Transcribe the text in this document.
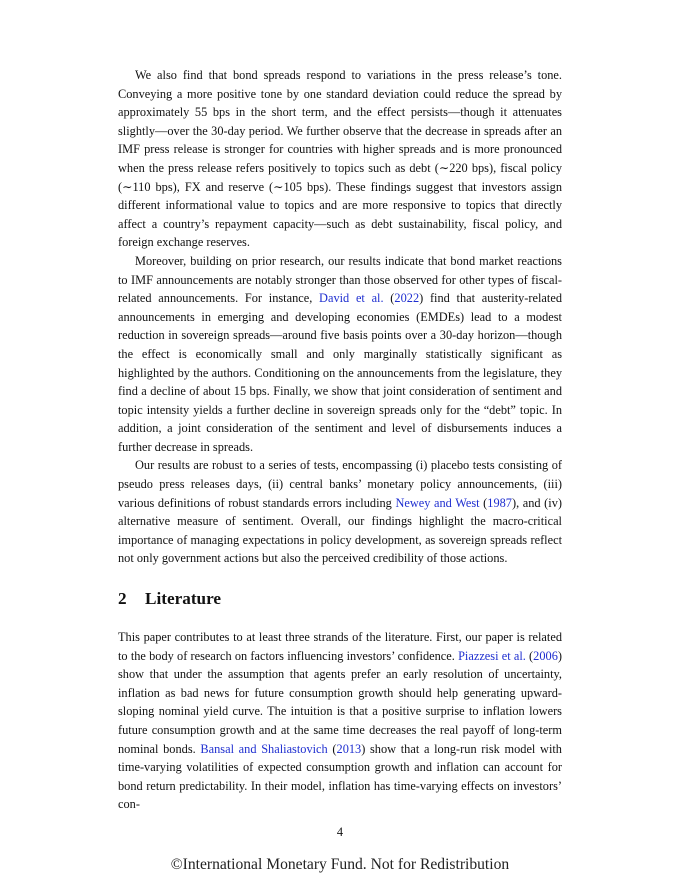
We also find that bond spreads respond to variations in the press release’s tone. Conveying a more positive tone by one standard deviation could reduce the spread by approximately 55 bps in the short term, and the effect persists—though it attenuates slightly—over the 30-day period. We further observe that the decrease in spreads after an IMF press release is stronger for countries with higher spreads and is more pronounced when the press release refers positively to topics such as debt (∼220 bps), fiscal policy (∼110 bps), FX and reserve (∼105 bps). These findings suggest that investors assign different informational value to topics and are more responsive to topics that directly affect a country’s repayment capacity—such as debt sustainability, fiscal policy, and foreign exchange reserves.

Moreover, building on prior research, our results indicate that bond market reactions to IMF announcements are notably stronger than those observed for other types of fiscal-related announcements. For instance, David et al. (2022) find that austerity-related announcements in emerging and developing economies (EMDEs) lead to a modest reduction in sovereign spreads—around five basis points over a 30-day horizon—though the effect is economically small and only marginally statistically significant as highlighted by the authors. Conditioning on the announcements from the legislature, they find a decline of about 15 bps. Finally, we show that joint consideration of sentiment and topic intensity yields a further decline in sovereign spreads only for the “debt” topic. In addition, a joint consideration of the sentiment and level of disbursements induces a further decrease in spreads.

Our results are robust to a series of tests, encompassing (i) placebo tests consisting of pseudo press releases days, (ii) central banks’ monetary policy announcements, (iii) various definitions of robust standards errors including Newey and West (1987), and (iv) alternative measure of sentiment. Overall, our findings highlight the macro-critical importance of managing expectations in policy development, as sovereign spreads reflect not only government actions but also the perceived credibility of those actions.

2 Literature

This paper contributes to at least three strands of the literature. First, our paper is related to the body of research on factors influencing investors’ confidence. Piazzesi et al. (2006) show that under the assumption that agents prefer an early resolution of uncertainty, inflation as bad news for future consumption growth should help generating upward-sloping nominal yield curve. The intuition is that a positive surprise to inflation lowers future consumption growth and at the same time decreases the real payoff of long-term nominal bonds. Bansal and Shaliastovich (2013) show that a long-run risk model with time-varying volatilities of expected consumption growth and inflation can account for bond return predictability. In their model, inflation has time-varying effects on investors’ con-

4
©International Monetary Fund. Not for Redistribution
